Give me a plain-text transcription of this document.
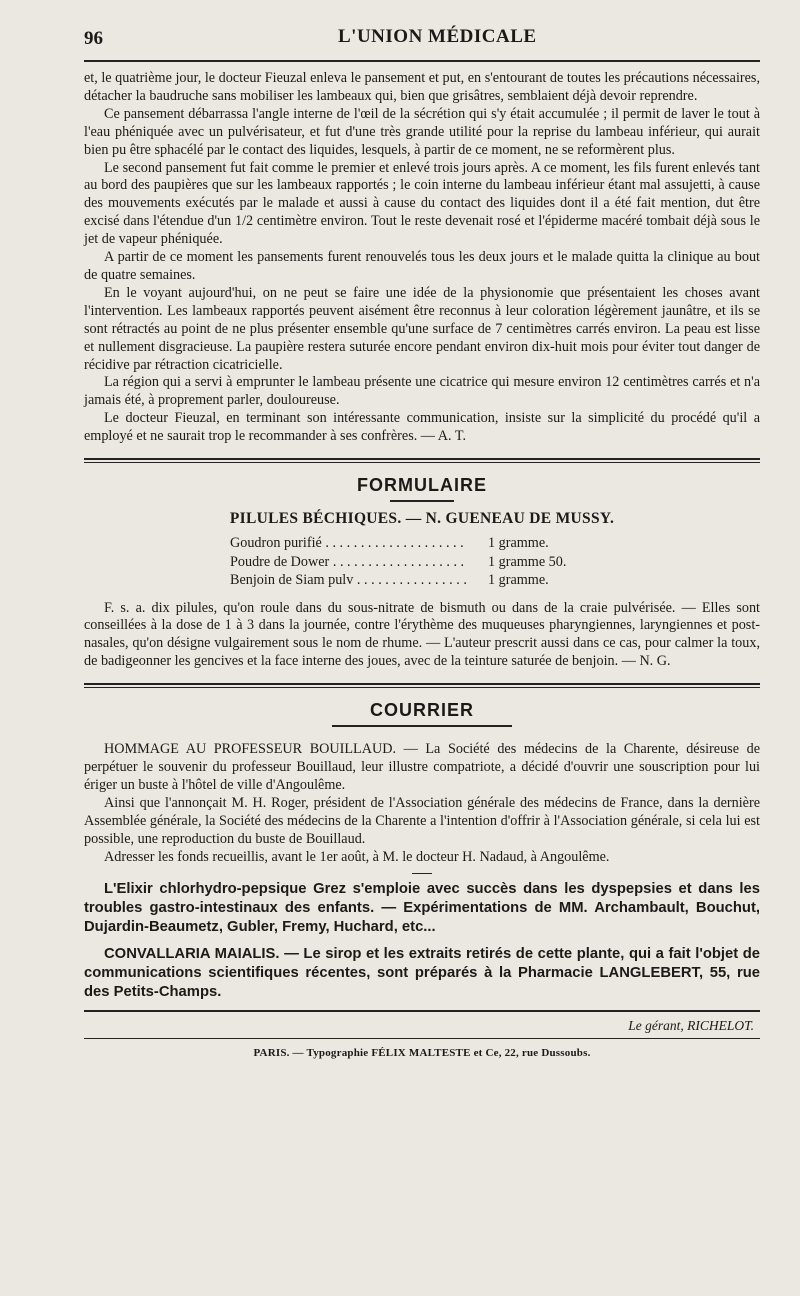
96	L'UNION MÉDICALE

et, le quatrième jour, le docteur Fieuzal enleva le pansement et put, en s'entourant de toutes les précautions nécessaires, détacher la baudruche sans mobiliser les lambeaux qui, bien que grisâtres, semblaient déjà devoir reprendre.

Ce pansement débarrassa l'angle interne de l'œil de la sécrétion qui s'y était accumulée ; il permit de laver le tout à l'eau phéniquée avec un pulvérisateur, et fut d'une très grande utilité pour la reprise du lambeau inférieur, qui aurait bien pu être sphacélé par le contact des liquides, lesquels, à partir de ce moment, ne se reformèrent plus.

Le second pansement fut fait comme le premier et enlevé trois jours après. A ce moment, les fils furent enlevés tant au bord des paupières que sur les lambeaux rapportés ; le coin interne du lambeau inférieur étant mal assujetti, à cause des mouvements exécutés par le malade et aussi à cause du contact des liquides dont il a été fait mention, dut être excisé dans l'étendue d'un 1/2 centimètre environ. Tout le reste devenait rosé et l'épiderme macéré tombait déjà sous le jet de vapeur phéniquée.

A partir de ce moment les pansements furent renouvelés tous les deux jours et le malade quitta la clinique au bout de quatre semaines.

En le voyant aujourd'hui, on ne peut se faire une idée de la physionomie que présentaient les choses avant l'intervention. Les lambeaux rapportés peuvent aisément être reconnus à leur coloration légèrement jaunâtre, et ils se sont rétractés au point de ne plus présenter ensemble qu'une surface de 7 centimètres carrés environ. La peau est lisse et nullement disgracieuse. La paupière restera suturée encore pendant environ dix-huit mois pour éviter tout danger de récidive par rétraction cicatricielle.

La région qui a servi à emprunter le lambeau présente une cicatrice qui mesure environ 12 centimètres carrés et n'a jamais été, à proprement parler, douloureuse.

Le docteur Fieuzal, en terminant son intéressante communication, insiste sur la simplicité du procédé qu'il a employé et ne saurait trop le recommander à ses confrères. — A. T.

FORMULAIRE
PILULES BÉCHIQUES. — N. GUENEAU DE MUSSY.
Goudron purifié . . .	1 gramme.
Poudre de Dower . . .	1 gramme 50.
Benjoin de Siam pulv . . .	1 gramme.

F. s. a. dix pilules, qu'on roule dans du sous-nitrate de bismuth ou dans de la craie pulvérisée. — Elles sont conseillées à la dose de 1 à 3 dans la journée, contre l'érythème des muqueuses pharyngiennes, laryngiennes et post-nasales, qu'on désigne vulgairement sous le nom de rhume. — L'auteur prescrit aussi dans ce cas, pour calmer la toux, de badigeonner les gencives et la face interne des joues, avec de la teinture saturée de benjoin. — N. G.

COURRIER

HOMMAGE AU PROFESSEUR BOUILLAUD. — La Société des médecins de la Charente, désireuse de perpétuer le souvenir du professeur Bouillaud, leur illustre compatriote, a décidé d'ouvrir une souscription pour lui ériger un buste à l'hôtel de ville d'Angoulême.

Ainsi que l'annonçait M. H. Roger, président de l'Association générale des médecins de France, dans la dernière Assemblée générale, la Société des médecins de la Charente a l'intention d'offrir à l'Association générale, si cela lui est possible, une reproduction du buste de Bouillaud.

Adresser les fonds recueillis, avant le 1er août, à M. le docteur H. Nadaud, à Angoulême.

L'Elixir chlorhydro-pepsique Grez s'emploie avec succès dans les dyspepsies et dans les troubles gastro-intestinaux des enfants. — Expérimentations de MM. Archambault, Bouchut, Dujardin-Beaumetz, Gubler, Fremy, Huchard, etc...

CONVALLARIA MAIALIS. — Le sirop et les extraits retirés de cette plante, qui a fait l'objet de communications scientifiques récentes, sont préparés à la Pharmacie LANGLEBERT, 55, rue des Petits-Champs.

Le gérant, RICHELOT.
PARIS. — Typographie FÉLIX MALTESTE et Ce, 22, rue Dussoubs.
